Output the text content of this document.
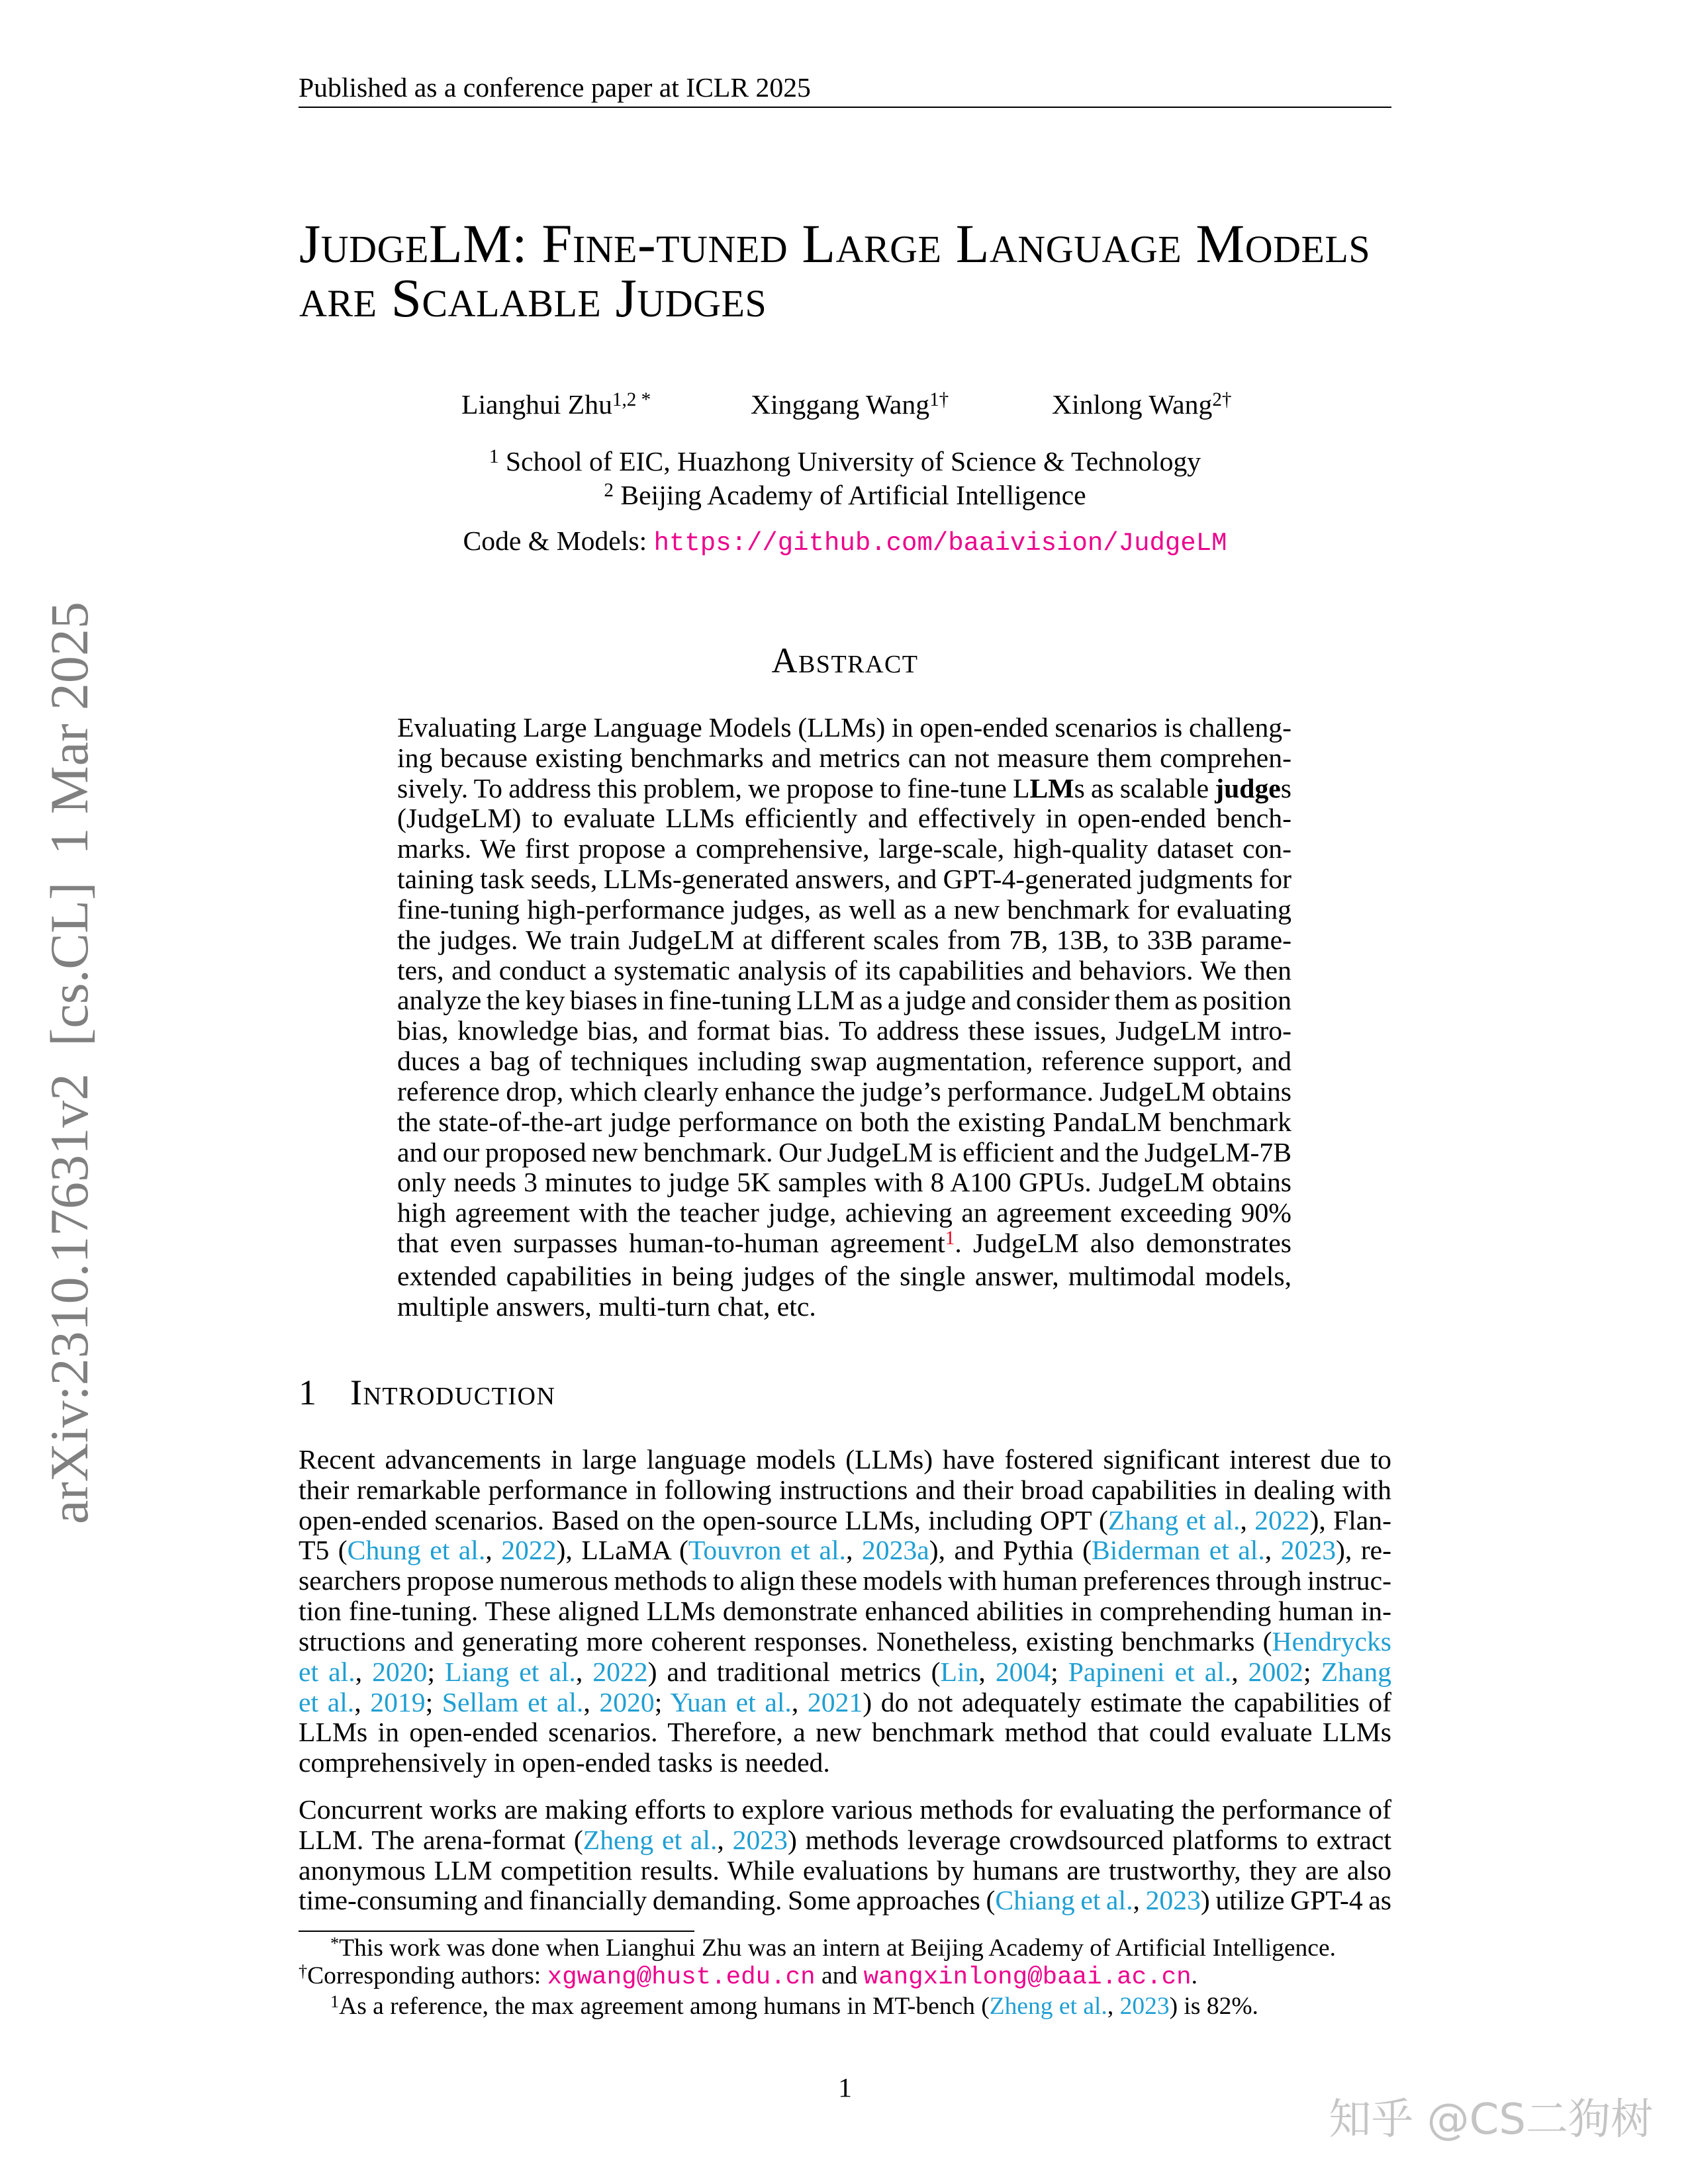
Published as a conference paper at ICLR 2025
arXiv:2310.17631v2  [cs.CL]  1 Mar 2025
JudgeLM: Fine-tuned Large Language Models
are Scalable Judges
Lianghui Zhu$^{1,2 *}$	Xinggang Wang$^{1\dagger}$	Xinlong Wang$^{2\dagger}$
$^1$ School of EIC, Huazhong University of Science & Technology
$^2$ Beijing Academy of Artificial Intelligence
Code & Models: https://github.com/baaivision/JudgeLM
Abstract
Evaluating Large Language Models (LLMs) in open-ended scenarios is challeng-
ing because existing benchmarks and metrics can not measure them comprehen-
sively. To address this problem, we propose to fine-tune LLMs as scalable judges
(JudgeLM) to evaluate LLMs efficiently and effectively in open-ended bench-
marks. We first propose a comprehensive, large-scale, high-quality dataset con-
taining task seeds, LLMs-generated answers, and GPT-4-generated judgments for
fine-tuning high-performance judges, as well as a new benchmark for evaluating
the judges. We train JudgeLM at different scales from 7B, 13B, to 33B parame-
ters, and conduct a systematic analysis of its capabilities and behaviors. We then
analyze the key biases in fine-tuning LLM as a judge and consider them as position
bias, knowledge bias, and format bias. To address these issues, JudgeLM intro-
duces a bag of techniques including swap augmentation, reference support, and
reference drop, which clearly enhance the judge’s performance. JudgeLM obtains
the state-of-the-art judge performance on both the existing PandaLM benchmark
and our proposed new benchmark. Our JudgeLM is efficient and the JudgeLM-7B
only needs 3 minutes to judge 5K samples with 8 A100 GPUs. JudgeLM obtains
high agreement with the teacher judge, achieving an agreement exceeding 90%
that even surpasses human-to-human agreement$^1$. JudgeLM also demonstrates
extended capabilities in being judges of the single answer, multimodal models,
multiple answers, multi-turn chat, etc.
1 Introduction
Recent advancements in large language models (LLMs) have fostered significant interest due to
their remarkable performance in following instructions and their broad capabilities in dealing with
open-ended scenarios. Based on the open-source LLMs, including OPT (Zhang et al., 2022), Flan-
T5 (Chung et al., 2022), LLaMA (Touvron et al., 2023a), and Pythia (Biderman et al., 2023), re-
searchers propose numerous methods to align these models with human preferences through instruc-
tion fine-tuning. These aligned LLMs demonstrate enhanced abilities in comprehending human in-
structions and generating more coherent responses. Nonetheless, existing benchmarks (Hendrycks
et al., 2020; Liang et al., 2022) and traditional metrics (Lin, 2004; Papineni et al., 2002; Zhang
et al., 2019; Sellam et al., 2020; Yuan et al., 2021) do not adequately estimate the capabilities of
LLMs in open-ended scenarios. Therefore, a new benchmark method that could evaluate LLMs
comprehensively in open-ended tasks is needed.
Concurrent works are making efforts to explore various methods for evaluating the performance of
LLM. The arena-format (Zheng et al., 2023) methods leverage crowdsourced platforms to extract
anonymous LLM competition results. While evaluations by humans are trustworthy, they are also
time-consuming and financially demanding. Some approaches (Chiang et al., 2023) utilize GPT-4 as
*This work was done when Lianghui Zhu was an intern at Beijing Academy of Artificial Intelligence.
†Corresponding authors: xgwang@hust.edu.cn and wangxinlong@baai.ac.cn.
$^1$As a reference, the max agreement among humans in MT-bench (Zheng et al., 2023) is 82%.
1
知乎 @CS二狗树
